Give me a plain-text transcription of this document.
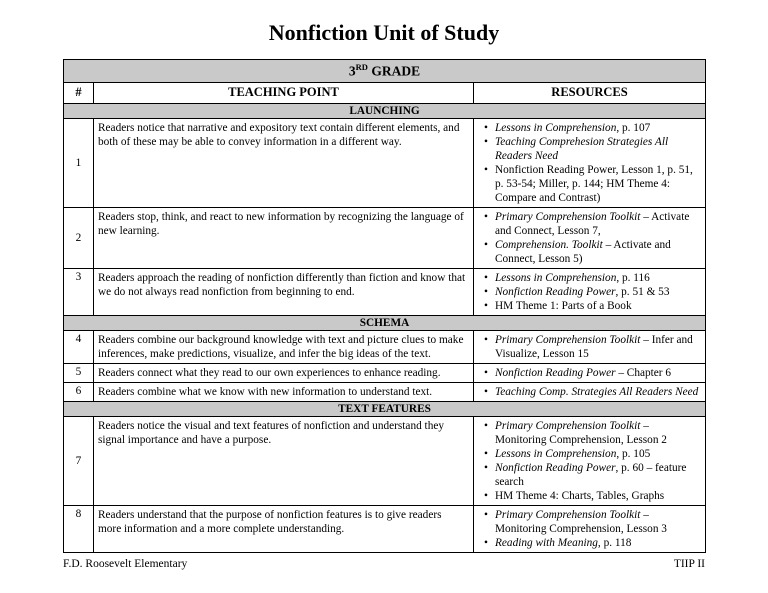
Nonfiction Unit of Study
3RD GRADE		
#	TEACHING POINT	RESOURCES
LAUNCHING		
1	Readers notice that narrative and expository text contain different elements, and both of these may be able to convey information in a different way.	• Lessons in Comprehension, p. 107
• Teaching Comprehesion Strategies All Readers Need
• Nonfiction Reading Power, Lesson 1, p. 51, p. 53-54; Miller, p. 144; HM Theme 4: Compare and Contrast)

2	Readers stop, think, and react to new information by recognizing the language of new learning.	• Primary Comprehension Toolkit – Activate and Connect, Lesson 7,
• Comprehension. Toolkit – Activate and Connect, Lesson 5)

3	Readers approach the reading of nonfiction differently than fiction and know that we do not always read nonfiction from beginning to end.	• Lessons in Comprehension, p. 116
• Nonfiction Reading Power, p. 51 & 53
• HM Theme 1: Parts of a Book

SCHEMA		
4	Readers combine our background knowledge with text and picture clues to make inferences, make predictions, visualize, and infer the big ideas of the text.	• Primary Comprehension Toolkit – Infer and Visualize, Lesson 15

5	Readers connect what they read to our own experiences to enhance reading.	• Nonfiction Reading Power – Chapter 6

6	Readers combine what we know with new information to understand text.	• Teaching Comp. Strategies All Readers Need

TEXT FEATURES		
7	Readers notice the visual and text features of nonfiction and understand they signal importance and have a purpose.	• Primary Comprehension Toolkit – Monitoring Comprehension, Lesson 2
• Lessons in Comprehension, p. 105
• Nonfiction Reading Power, p. 60 – feature search
• HM Theme 4: Charts, Tables, Graphs

8	Readers understand that the purpose of nonfiction features is to give readers more information and a more complete understanding.	• Primary Comprehension Toolkit – Monitoring Comprehension, Lesson 3
• Reading with Meaning, p. 118
F.D. Roosevelt Elementary	TIIP II
